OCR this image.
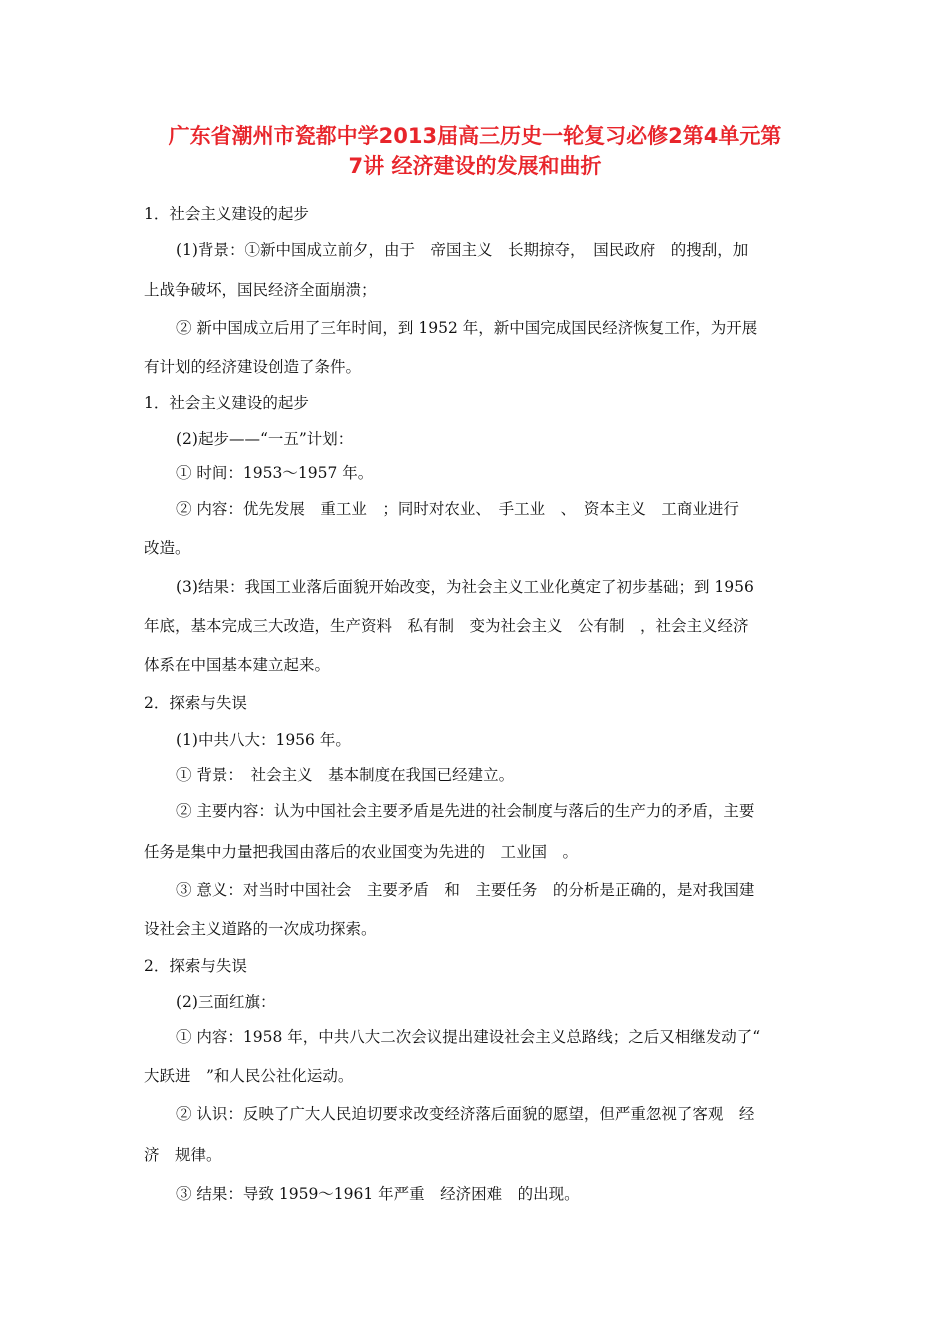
广东省潮州市瓷都中学2013届高三历史一轮复习必修2第4单元第
7讲 经济建设的发展和曲折
1．社会主义建设的起步
(1)背景：①新中国成立前夕，由于　帝国主义　长期掠夺，　国民政府　的搜刮，加
上战争破坏，国民经济全面崩溃；
② 新中国成立后用了三年时间，到 1952 年，新中国完成国民经济恢复工作，为开展
有计划的经济建设创造了条件。
1．社会主义建设的起步
(2)起步——“一五”计划：
① 时间：1953～1957 年。
② 内容：优先发展　重工业　；同时对农业、　手工业　、　资本主义　工商业进行
改造。
(3)结果：我国工业落后面貌开始改变，为社会主义工业化奠定了初步基础；到 1956
年底，基本完成三大改造，生产资料　私有制　变为社会主义　公有制　，社会主义经济
体系在中国基本建立起来。
2．探索与失误
(1)中共八大：1956 年。
① 背景：　社会主义　基本制度在我国已经建立。
② 主要内容：认为中国社会主要矛盾是先进的社会制度与落后的生产力的矛盾，主要
任务是集中力量把我国由落后的农业国变为先进的　工业国　。
③ 意义：对当时中国社会　主要矛盾　和　主要任务　的分析是正确的，是对我国建
设社会主义道路的一次成功探索。
2．探索与失误
(2)三面红旗：
① 内容：1958 年，中共八大二次会议提出建设社会主义总路线；之后又相继发动了“
大跃进　”和人民公社化运动。
② 认识：反映了广大人民迫切要求改变经济落后面貌的愿望，但严重忽视了客观　经
济　规律。
③ 结果：导致 1959～1961 年严重　经济困难　的出现。
